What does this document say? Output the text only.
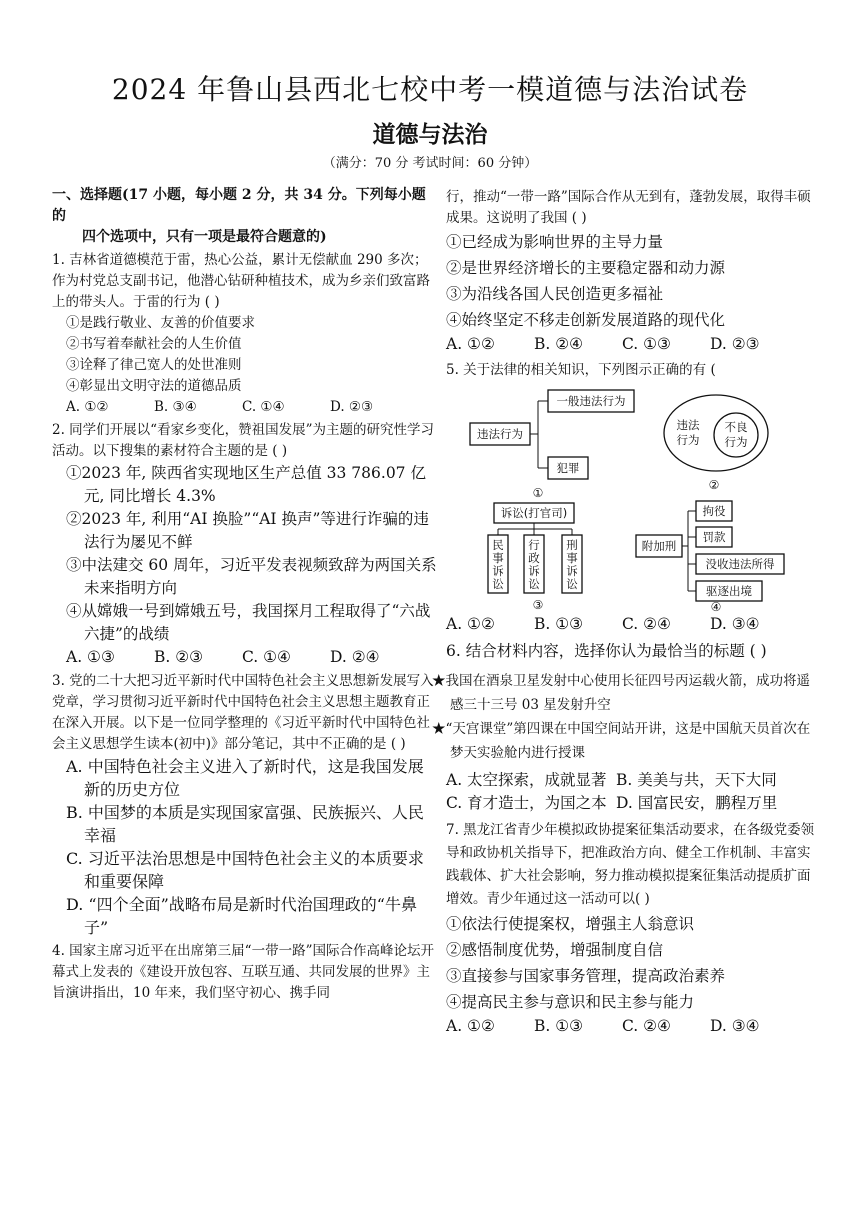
2024 年鲁山县西北七校中考一模道德与法治试卷
道德与法治
（满分：70 分 考试时间：60 分钟）
一、选择题(17 小题，每小题 2 分，共 34 分。下列每小题的
四个选项中，只有一项是最符合题意的)
1. 吉林省道德模范于雷，热心公益，累计无偿献血 290 多次；作为村党总支副书记，他潜心钻研种植技术，成为乡亲们致富路上的带头人。于雷的行为 ( )
①是践行敬业、友善的价值要求
②书写着奉献社会的人生价值
③诠释了律己宽人的处世准则
④彰显出文明守法的道德品质
A. ①②	B. ③④	C. ①④	D. ②③
2. 同学们开展以“看家乡变化，赞祖国发展”为主题的研究性学习活动。以下搜集的素材符合主题的是 ( )
①2023 年, 陕西省实现地区生产总值 33 786.07 亿元, 同比增长 4.3%
②2023 年, 利用“AI 换脸”“AI 换声”等进行诈骗的违法行为屡见不鲜
③中法建交 60 周年，习近平发表视频致辞为两国关系未来指明方向
④从嫦娥一号到嫦娥五号，我国探月工程取得了“六战六捷”的战绩
A. ①③	B. ②③	C. ①④	D. ②④
3. 党的二十大把习近平新时代中国特色社会主义思想新发展写入党章，学习贯彻习近平新时代中国特色社会主义思想主题教育正在深入开展。以下是一位同学整理的《习近平新时代中国特色社会主义思想学生读本(初中)》部分笔记，其中不正确的是 ( )
A. 中国特色社会主义进入了新时代，这是我国发展新的历史方位
B. 中国梦的本质是实现国家富强、民族振兴、人民幸福
C. 习近平法治思想是中国特色社会主义的本质要求和重要保障
D. “四个全面”战略布局是新时代治国理政的“牛鼻子”
4. 国家主席习近平在出席第三届“一带一路”国际合作高峰论坛开幕式上发表的《建设开放包容、互联互通、共同发展的世界》主旨演讲指出，10 年来，我们坚守初心、携手同
行，推动“一带一路”国际合作从无到有，蓬勃发展，取得丰硕成果。这说明了我国 ( )
①已经成为影响世界的主导力量
②是世界经济增长的主要稳定器和动力源
③为沿线各国人民创造更多福祉
④始终坚定不移走创新发展道路的现代化
A. ①②	B. ②④	C. ①③	D. ②③
5. 关于法律的相关知识，下列图示正确的有 (
违法行为
一般违法行为
犯罪
①
违法
行为
不良
行为
②
诉讼(打官司)
民
事
诉
讼
行
政
诉
讼
刑
事
诉
讼
③
附加刑
拘役
罚款
没收违法所得
驱逐出境
④
A. ①②	B. ①③	C. ②④	D. ③④
6. 结合材料内容，选择你认为最恰当的标题 ( )
★我国在酒泉卫星发射中心使用长征四号丙运载火箭，成功将遥感三十三号 03 星发射升空
★“天宫课堂”第四课在中国空间站开讲，这是中国航天员首次在梦天实验舱内进行授课
A. 太空探索，成就显著 B. 美美与共，天下大同
C. 育才造士，为国之本 D. 国富民安，鹏程万里
7. 黑龙江省青少年模拟政协提案征集活动要求，在各级党委领导和政协机关指导下，把准政治方向、健全工作机制、丰富实践载体、扩大社会影响，努力推动模拟提案征集活动提质扩面增效。青少年通过这一活动可以( )
①依法行使提案权，增强主人翁意识
②感悟制度优势，增强制度自信
③直接参与国家事务管理，提高政治素养
④提高民主参与意识和民主参与能力
A. ①②	B. ①③	C. ②④	D. ③④
